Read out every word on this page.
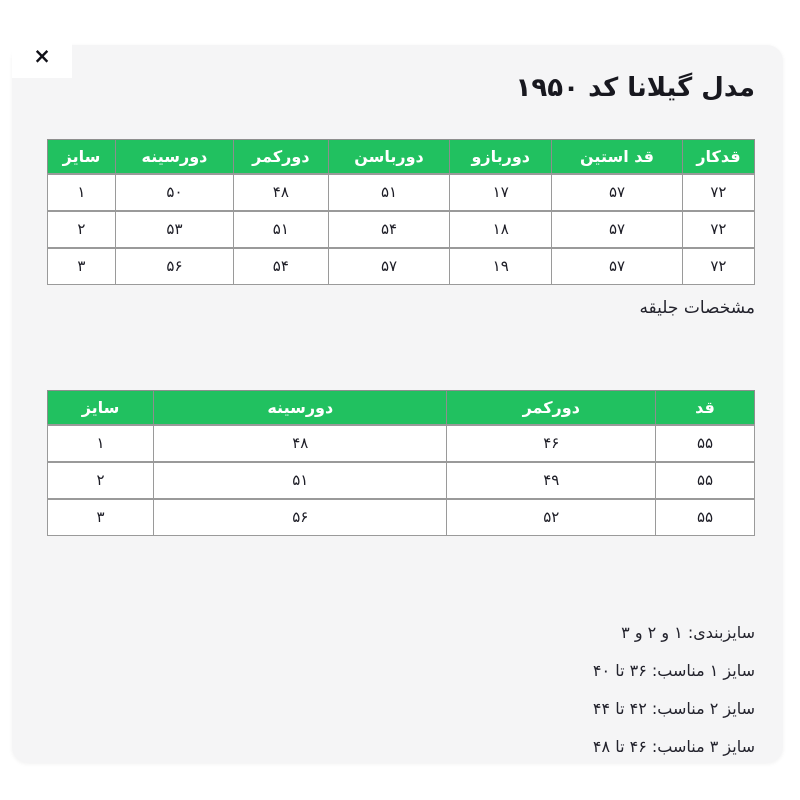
×
مدل گیلانا کد ۱۹۵۰
قدکار	قد استین	دوربازو	دورباسن	دورکمر	دورسینه	سایز
۷۲	۵۷	۱۷	۵۱	۴۸	۵۰	۱
۷۲	۵۷	۱۸	۵۴	۵۱	۵۳	۲
۷۲	۵۷	۱۹	۵۷	۵۴	۵۶	۳
مشخصات جلیقه
قد	دورکمر	دورسینه	سایز
۵۵	۴۶	۴۸	۱
۵۵	۴۹	۵۱	۲
۵۵	۵۲	۵۶	۳
سایزبندی: ۱ و ۲ و ۳
سایز ۱ مناسب: ۳۶ تا ۴۰
سایز ۲ مناسب: ۴۲ تا ۴۴
سایز ۳ مناسب: ۴۶ تا ۴۸
